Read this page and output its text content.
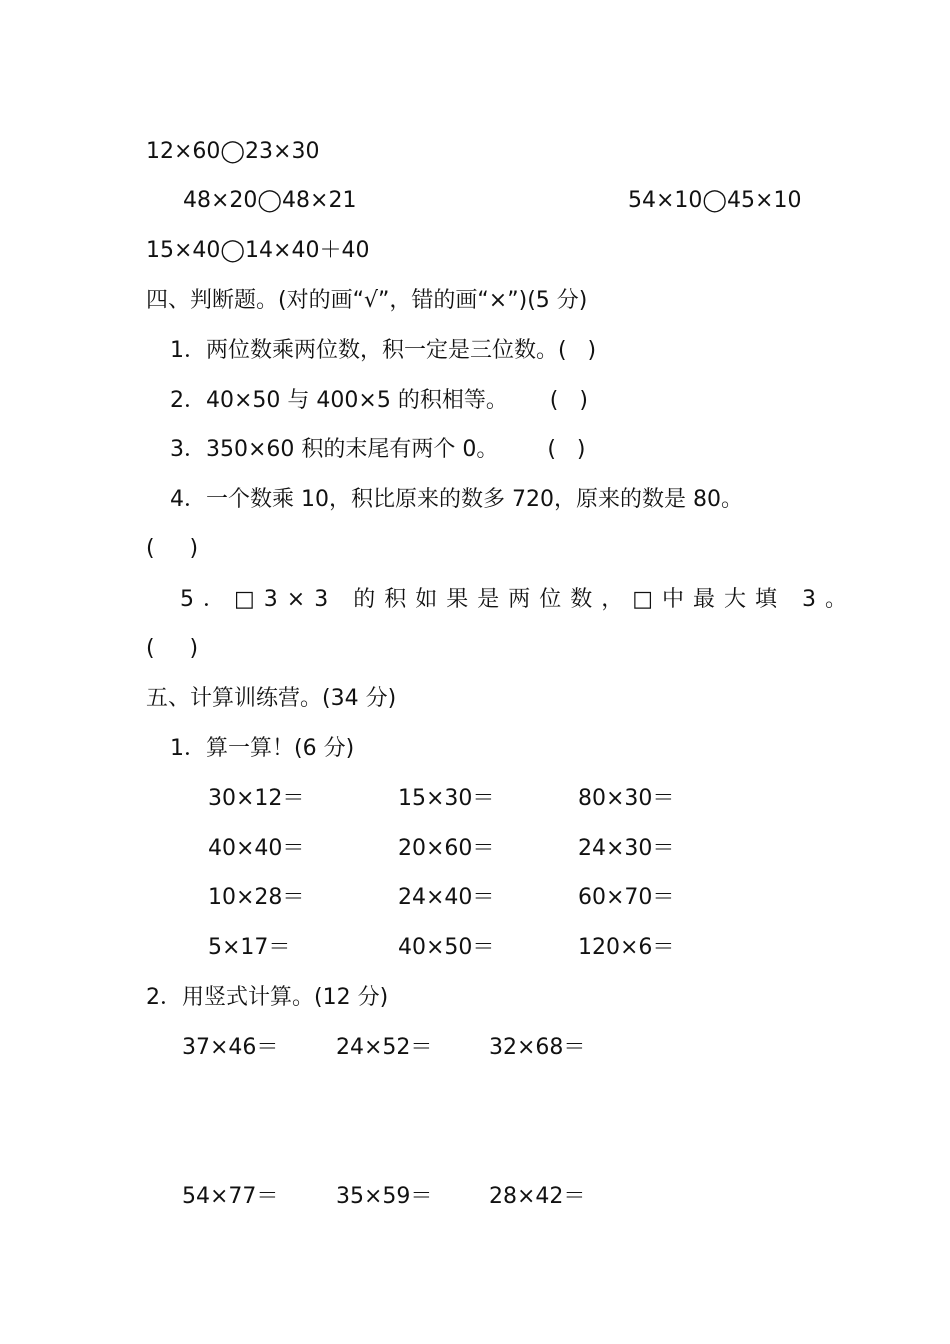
12×60◯23×30
48×20◯48×21	54×10◯45×10
15×40◯14×40＋40
四、判断题。(对的画“√”，错的画“×”)(5 分)
1．两位数乘两位数，积一定是三位数。(   )
2．40×50 与 400×5 的积相等。      (   )
3．350×60 积的末尾有两个 0。       (   )
4．一个数乘 10，积比原来的数多 720，原来的数是 80。
(     )
5．□3×3 的积如果是两位数，□中最大填 3。
(     )
五、计算训练营。(34 分)
1．算一算！(6 分)
30×12＝	15×30＝	80×30＝
40×40＝	20×60＝	24×30＝
10×28＝	24×40＝	60×70＝
5×17＝	40×50＝	120×6＝
2．用竖式计算。(12 分)
37×46＝	24×52＝	32×68＝
54×77＝	35×59＝	28×42＝
